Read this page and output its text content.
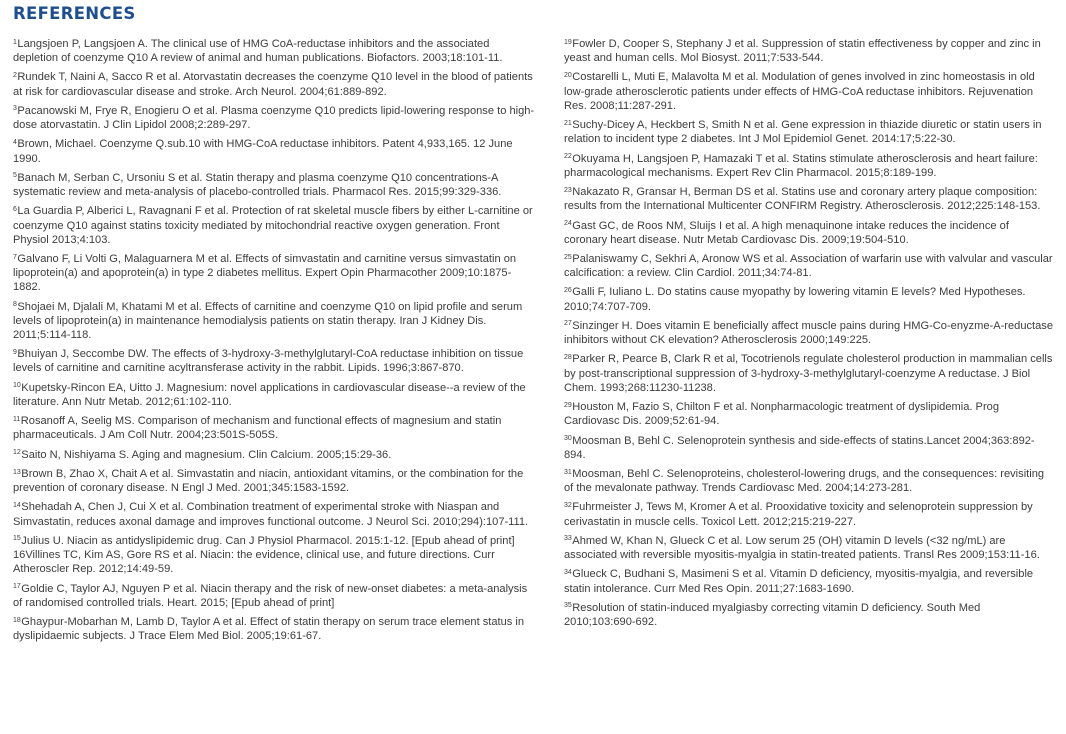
REFERENCES

$^1$Langsjoen P, Langsjoen A. The clinical use of HMG CoA-reductase inhibitors and the associated depletion of coenzyme Q10 A review of animal and human publications. Biofactors. 2003;18:101-11.

$^2$Rundek T, Naini A, Sacco R et al. Atorvastatin decreases the coenzyme Q10 level in the blood of patients at risk for cardiovascular disease and stroke. Arch Neurol. 2004;61:889-892.

$^3$Pacanowski M, Frye R, Enogieru O et al. Plasma coenzyme Q10 predicts lipid-lowering response to high-dose atorvastatin. J Clin Lipidol 2008;2:289-297.

$^4$Brown, Michael. Coenzyme Q.sub.10 with HMG-CoA reductase inhibitors. Patent 4,933,165. 12 June 1990.

$^5$Banach M, Serban C, Ursoniu S et al. Statin therapy and plasma coenzyme Q10 concentrations-A systematic review and meta-analysis of placebo-controlled trials. Pharmacol Res. 2015;99:329-336.

$^6$La Guardia P, Alberici L, Ravagnani F et al. Protection of rat skeletal muscle fibers by either L-carnitine or coenzyme Q10 against statins toxicity mediated by mitochondrial reactive oxygen generation. Front Physiol 2013;4:103.

$^7$Galvano F, Li Volti G, Malaguarnera M et al. Effects of simvastatin and carnitine versus simvastatin on lipoprotein(a) and apoprotein(a) in type 2 diabetes mellitus. Expert Opin Pharmacother 2009;10:1875-1882.

$^8$Shojaei M, Djalali M, Khatami M et al. Effects of carnitine and coenzyme Q10 on lipid profile and serum levels of lipoprotein(a) in maintenance hemodialysis patients on statin therapy. Iran J Kidney Dis. 2011;5:114-118.

$^9$Bhuiyan J, Seccombe DW. The effects of 3-hydroxy-3-methylglutaryl-CoA reductase inhibition on tissue levels of carnitine and carnitine acyltransferase activity in the rabbit. Lipids. 1996;3:867-870.

$^{10}$Kupetsky-Rincon EA, Uitto J. Magnesium: novel applications in cardiovascular disease--a review of the literature. Ann Nutr Metab. 2012;61:102-110.

$^{11}$Rosanoff A, Seelig MS. Comparison of mechanism and functional effects of magnesium and statin pharmaceuticals. J Am Coll Nutr. 2004;23:501S-505S.

$^{12}$Saito N, Nishiyama S. Aging and magnesium. Clin Calcium. 2005;15:29-36.

$^{13}$Brown B, Zhao X, Chait A et al. Simvastatin and niacin, antioxidant vitamins, or the combination for the prevention of coronary disease. N Engl J Med. 2001;345:1583-1592.

$^{14}$Shehadah A, Chen J, Cui X et al. Combination treatment of experimental stroke with Niaspan and Simvastatin, reduces axonal damage and improves functional outcome. J Neurol Sci. 2010;294):107-111.

$^{15}$Julius U. Niacin as antidyslipidemic drug. Can J Physiol Pharmacol. 2015:1-12. [Epub ahead of print] 16Villines TC, Kim AS, Gore RS et al. Niacin: the evidence, clinical use, and future directions. Curr Atheroscler Rep. 2012;14:49-59.

$^{17}$Goldie C, Taylor AJ, Nguyen P et al. Niacin therapy and the risk of new-onset diabetes: a meta-analysis of randomised controlled trials. Heart. 2015; [Epub ahead of print]

$^{18}$Ghaypur-Mobarhan M, Lamb D, Taylor A et al. Effect of statin therapy on serum trace element status in dyslipidaemic subjects. J Trace Elem Med Biol. 2005;19:61-67.

$^{19}$Fowler D, Cooper S, Stephany J et al. Suppression of statin effectiveness by copper and zinc in yeast and human cells. Mol Biosyst. 2011;7:533-544.

$^{20}$Costarelli L, Muti E, Malavolta M et al. Modulation of genes involved in zinc homeostasis in old low-grade atherosclerotic patients under effects of HMG-CoA reductase inhibitors. Rejuvenation Res. 2008;11:287-291.

$^{21}$Suchy-Dicey A, Heckbert S, Smith N et al. Gene expression in thiazide diuretic or statin users in relation to incident type 2 diabetes. Int J Mol Epidemiol Genet. 2014:17;5:22-30.

$^{22}$Okuyama H, Langsjoen P, Hamazaki T et al. Statins stimulate atherosclerosis and heart failure: pharmacological mechanisms. Expert Rev Clin Pharmacol. 2015;8:189-199.

$^{23}$Nakazato R, Gransar H, Berman DS et al. Statins use and coronary artery plaque composition: results from the International Multicenter CONFIRM Registry. Atherosclerosis. 2012;225:148-153.

$^{24}$Gast GC, de Roos NM, Sluijs I et al. A high menaquinone intake reduces the incidence of coronary heart disease. Nutr Metab Cardiovasc Dis. 2009;19:504-510.

$^{25}$Palaniswamy C, Sekhri A, Aronow WS et al. Association of warfarin use with valvular and vascular calcification: a review. Clin Cardiol. 2011;34:74-81.

$^{26}$Galli F, Iuliano L. Do statins cause myopathy by lowering vitamin E levels? Med Hypotheses. 2010;74:707-709.

$^{27}$Sinzinger H. Does vitamin E beneficially affect muscle pains during HMG-Co-enyzme-A-reductase inhibitors without CK elevation? Atherosclerosis 2000;149:225.

$^{28}$Parker R, Pearce B, Clark R et al, Tocotrienols regulate cholesterol production in mammalian cells by post-transcriptional suppression of 3-hydroxy-3-methylglutaryl-coenzyme A reductase. J Biol Chem. 1993;268:11230-11238.

$^{29}$Houston M, Fazio S, Chilton F et al. Nonpharmacologic treatment of dyslipidemia. Prog Cardiovasc Dis. 2009;52:61-94.

$^{30}$Moosman B, Behl C. Selenoprotein synthesis and side-effects of statins.Lancet 2004;363:892-894.

$^{31}$Moosman, Behl C. Selenoproteins, cholesterol-lowering drugs, and the consequences: revisiting of the mevalonate pathway. Trends Cardiovasc Med. 2004;14:273-281.

$^{32}$Fuhrmeister J, Tews M, Kromer A et al. Prooxidative toxicity and selenoprotein suppression by cerivastatin in muscle cells. Toxicol Lett. 2012;215:219-227.

$^{33}$Ahmed W, Khan N, Glueck C et al. Low serum 25 (OH) vitamin D levels (<32 ng/mL) are associated with reversible myositis-myalgia in statin-treated patients. Transl Res 2009;153:11-16.

$^{34}$Glueck C, Budhani S, Masimeni S et al. Vitamin D deficiency, myositis-myalgia, and reversible statin intolerance. Curr Med Res Opin. 2011;27:1683-1690.

$^{35}$Resolution of statin-induced myalgiasby correcting vitamin D deficiency. South Med 2010;103:690-692.
